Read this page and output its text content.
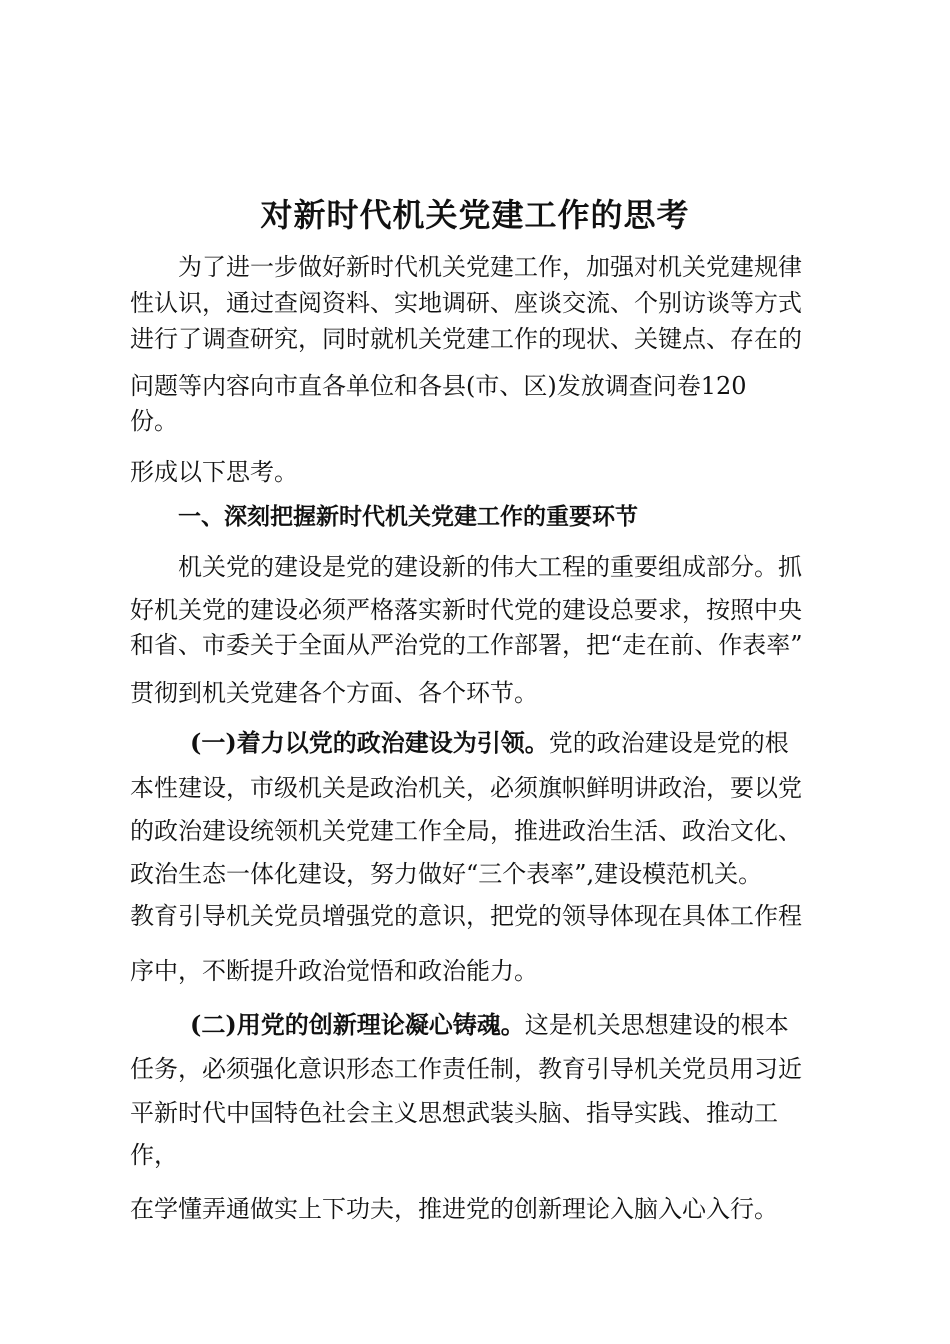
对新时代机关党建工作的思考

为了进一步做好新时代机关党建工作，加强对机关党建规律

性认识，通过查阅资料、实地调研、座谈交流、个别访谈等方式

进行了调查研究，同时就机关党建工作的现状、关键点、存在的

问题等内容向市直各单位和各县(市、区)发放调查问卷120

份。

形成以下思考。

一、深刻把握新时代机关党建工作的重要环节

机关党的建设是党的建设新的伟大工程的重要组成部分。抓

好机关党的建设必须严格落实新时代党的建设总要求，按照中央

和省、市委关于全面从严治党的工作部署，把“走在前、作表率”

贯彻到机关党建各个方面、各个环节。

(一)着力以党的政治建设为引领。党的政治建设是党的根

本性建设，市级机关是政治机关，必须旗帜鲜明讲政治，要以党

的政治建设统领机关党建工作全局，推进政治生活、政治文化、

政治生态一体化建设，努力做好“三个表率”,建设模范机关。

教育引导机关党员增强党的意识，把党的领导体现在具体工作程

序中，不断提升政治觉悟和政治能力。

(二)用党的创新理论凝心铸魂。这是机关思想建设的根本

任务，必须强化意识形态工作责任制，教育引导机关党员用习近

平新时代中国特色社会主义思想武装头脑、指导实践、推动工

作，

在学懂弄通做实上下功夫，推进党的创新理论入脑入心入行。
